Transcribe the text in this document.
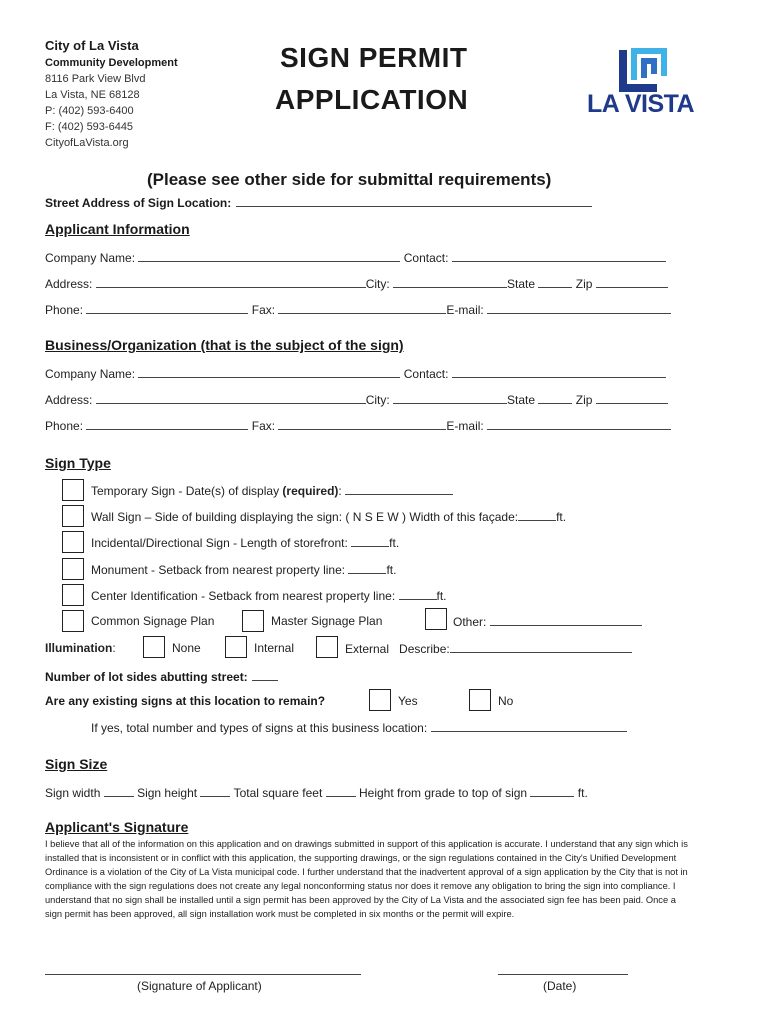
City of La Vista
Community Development
8116 Park View Blvd
La Vista, NE 68128
P: (402) 593-6400
F: (402) 593-6445
CityofLaVista.org
SIGN PERMIT
APPLICATION	LA VISTA
(Please see other side for submittal requirements)
Street Address of Sign Location:
Applicant Information
Company Name:	Contact:
Address:	City:	State	Zip
Phone:	Fax:	E-mail:
Business/Organization (that is the subject of the sign)
Company Name:	Contact:
Address:	City:	State	Zip
Phone:	Fax:	E-mail:
Sign Type
Temporary Sign - Date(s) of display (required):
Wall Sign – Side of building displaying the sign: ( N S E W ) Width of this façade:	ft.
Incidental/Directional Sign - Length of storefront:	ft.
Monument - Setback from nearest property line:	ft.
Center Identification - Setback from nearest property line:	ft.
Common Signage Plan	Master Signage Plan	Other:
Illumination:	None	Internal	External Describe:
Number of lot sides abutting street:
Are any existing signs at this location to remain?	Yes	No
If yes, total number and types of signs at this business location:
Sign Size
Sign width	Sign height	Total square feet	Height from grade to top of sign	ft.
Applicant's Signature
I believe that all of the information on this application and on drawings submitted in support of this application is accurate. I understand that any sign which is installed that is inconsistent or in conflict with this application, the supporting drawings, or the sign regulations contained in the City's Unified Development Ordinance is a violation of the City of La Vista municipal code. I further understand that the inadvertent approval of a sign application by the City that is not in compliance with the sign regulations does not create any legal nonconforming status nor does it remove any obligation to bring the sign into compliance. I understand that no sign shall be installed until a sign permit has been approved by the City of La Vista and the associated sign fee has been paid. Once a sign permit has been approved, all sign installation work must be completed in six months or the permit will expire.
(Signature of Applicant)	(Date)
